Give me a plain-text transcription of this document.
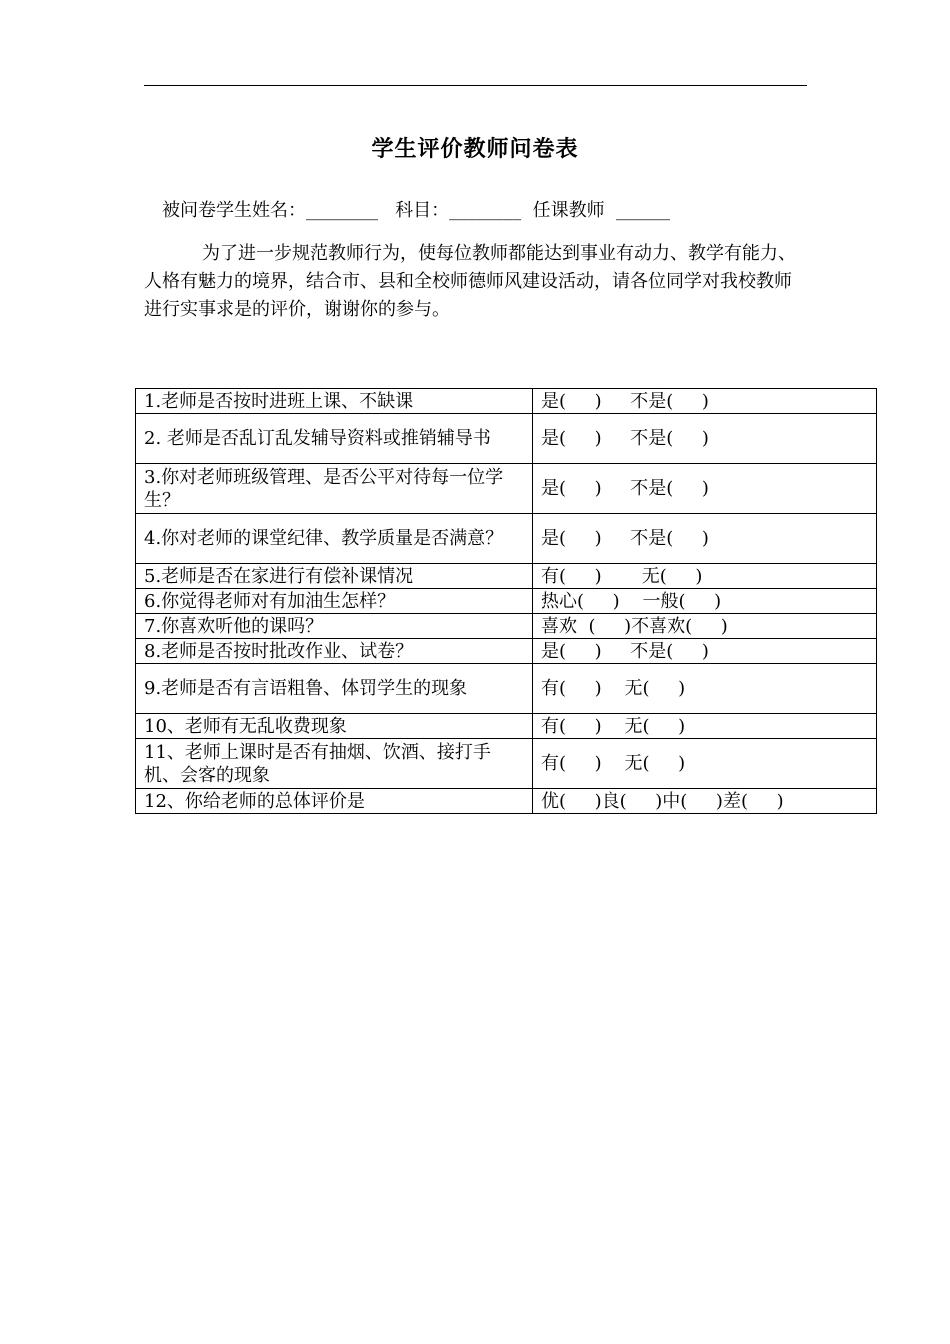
学生评价教师问卷表
被问卷学生姓名：________   科目：________  任课教师  ______
为了进一步规范教师行为，使每位教师都能达到事业有动力、教学有能力、人格有魅力的境界，结合市、县和全校师德师风建设活动，请各位同学对我校教师进行实事求是的评价，谢谢你的参与。
1.老师是否按时进班上课、不缺课	是(     )     不是(     )
2. 老师是否乱订乱发辅导资料或推销辅导书	是(     )     不是(     )
3.你对老师班级管理、是否公平对待每一位学生？	是(     )     不是(     )
4.你对老师的课堂纪律、教学质量是否满意？	是(     )     不是(     )
5.老师是否在家进行有偿补课情况	有(     )       无(     )
6.你觉得老师对有加油生怎样？	热心(     )    一般(     )
7.你喜欢听他的课吗？	喜欢  (     )不喜欢(     )
8.老师是否按时批改作业、试卷？	是(     )     不是(     )
9.老师是否有言语粗鲁、体罚学生的现象	有(     )    无(     )
10、老师有无乱收费现象	有(     )    无(     )
11、老师上课时是否有抽烟、饮酒、接打手机、会客的现象	有(     )    无(     )
12、你给老师的总体评价是	优(     )良(     )中(     )差(     )
